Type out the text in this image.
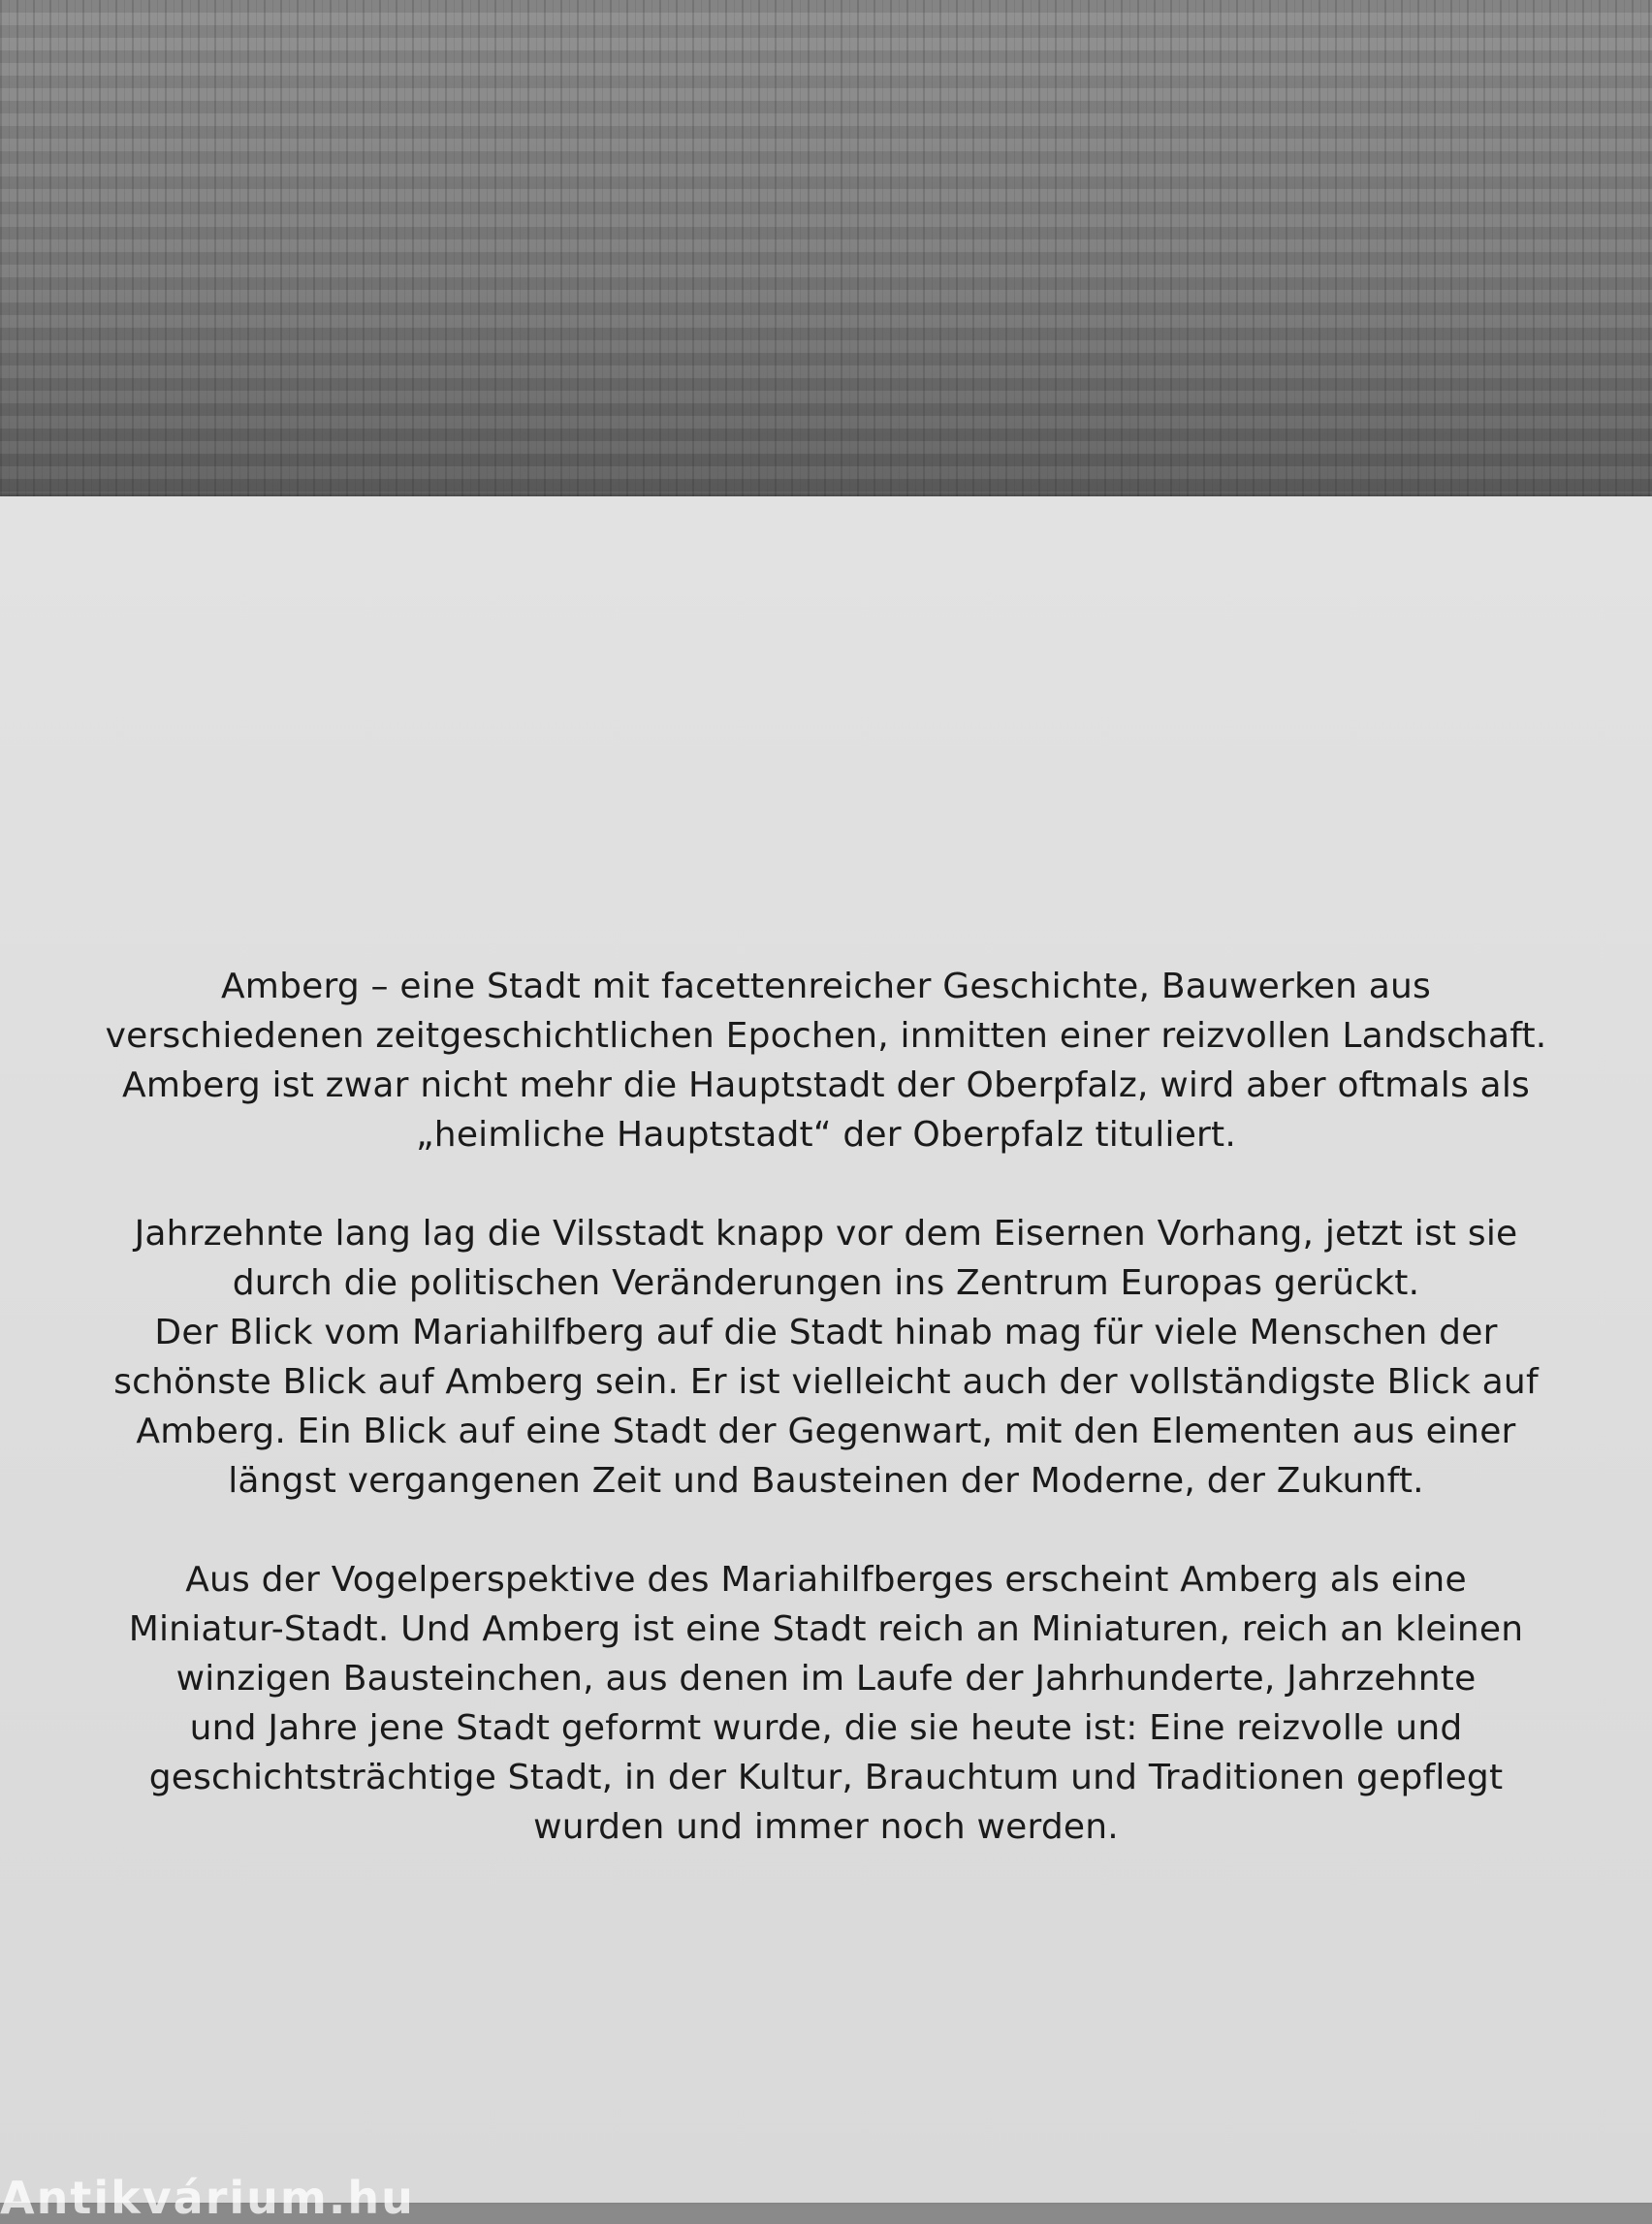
Amberg – eine Stadt mit facettenreicher Geschichte, Bauwerken aus
verschiedenen zeitgeschichtlichen Epochen, inmitten einer reizvollen Landschaft.
Amberg ist zwar nicht mehr die Hauptstadt der Oberpfalz, wird aber oftmals als
„heimliche Hauptstadt“ der Oberpfalz tituliert.
Jahrzehnte lang lag die Vilsstadt knapp vor dem Eisernen Vorhang, jetzt ist sie
durch die politischen Veränderungen ins Zentrum Europas gerückt.
Der Blick vom Mariahilfberg auf die Stadt hinab mag für viele Menschen der
schönste Blick auf Amberg sein. Er ist vielleicht auch der vollständigste Blick auf
Amberg. Ein Blick auf eine Stadt der Gegenwart, mit den Elementen aus einer
längst vergangenen Zeit und Bausteinen der Moderne, der Zukunft.
Aus der Vogelperspektive des Mariahilfberges erscheint Amberg als eine
Miniatur-Stadt. Und Amberg ist eine Stadt reich an Miniaturen, reich an kleinen
winzigen Bausteinchen, aus denen im Laufe der Jahrhunderte, Jahrzehnte
und Jahre jene Stadt geformt wurde, die sie heute ist: Eine reizvolle und
geschichtsträchtige Stadt, in der Kultur, Brauchtum und Traditionen gepflegt
wurden und immer noch werden.
Antikvárium.hu
